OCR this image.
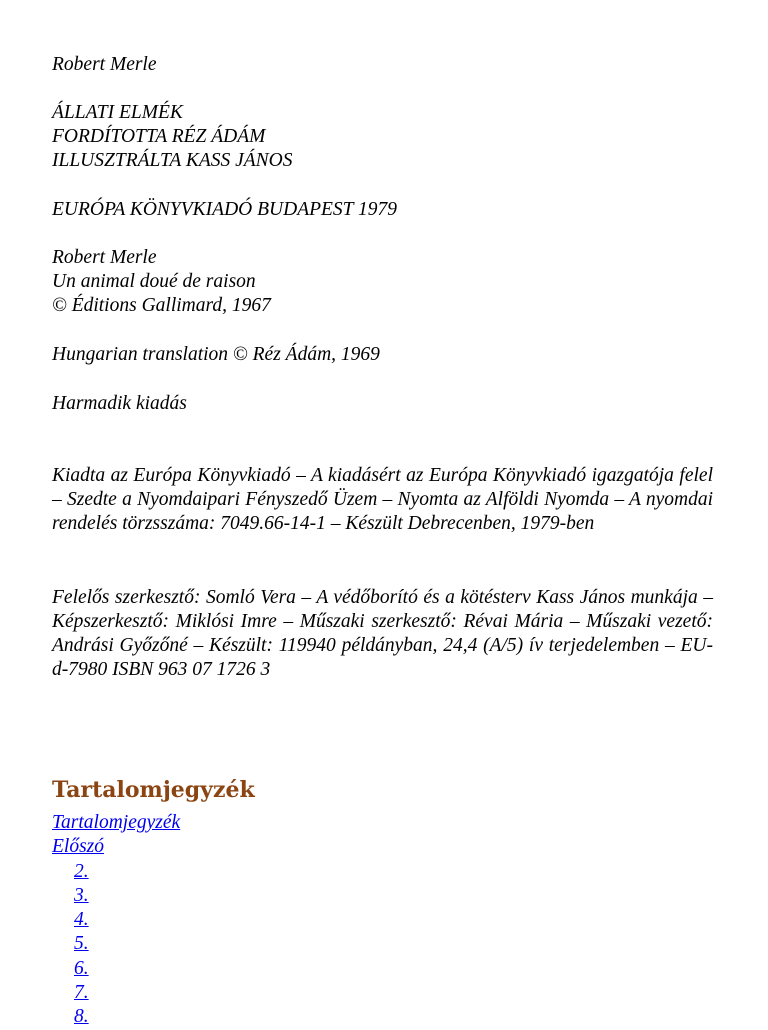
Robert Merle

ÁLLATI ELMÉK

FORDÍTOTTA RÉZ ÁDÁM

ILLUSZTRÁLTA KASS JÁNOS

EURÓPA KÖNYVKIADÓ BUDAPEST 1979

Robert Merle

Un animal doué de raison

© Éditions Gallimard, 1967

Hungarian translation © Réz Ádám, 1969

Harmadik kiadás

Kiadta az Európa Könyvkiadó – A kiadásért az Európa Könyvkiadó igazgatója felel – Szedte a Nyomdaipari Fényszedő Üzem – Nyomta az Alföldi Nyomda – A nyomdai rendelés törzsszáma: 7049.66-14-1 – Készült Debrecenben, 1979-ben

Felelős szerkesztő: Somló Vera – A védőborító és a kötésterv Kass János munkája – Képszerkesztő: Miklósi Imre – Műszaki szerkesztő: Révai Mária – Műszaki vezető: Andrási Győzőné – Készült: 119940 példányban, 24,4 (A/5) ív terjedelemben – EU-d-7980 ISBN 963 07 1726 3

Tartalomjegyzék
Tartalomjegyzék
Előszó
2.
3.
4.
5.
6.
7.
8.
